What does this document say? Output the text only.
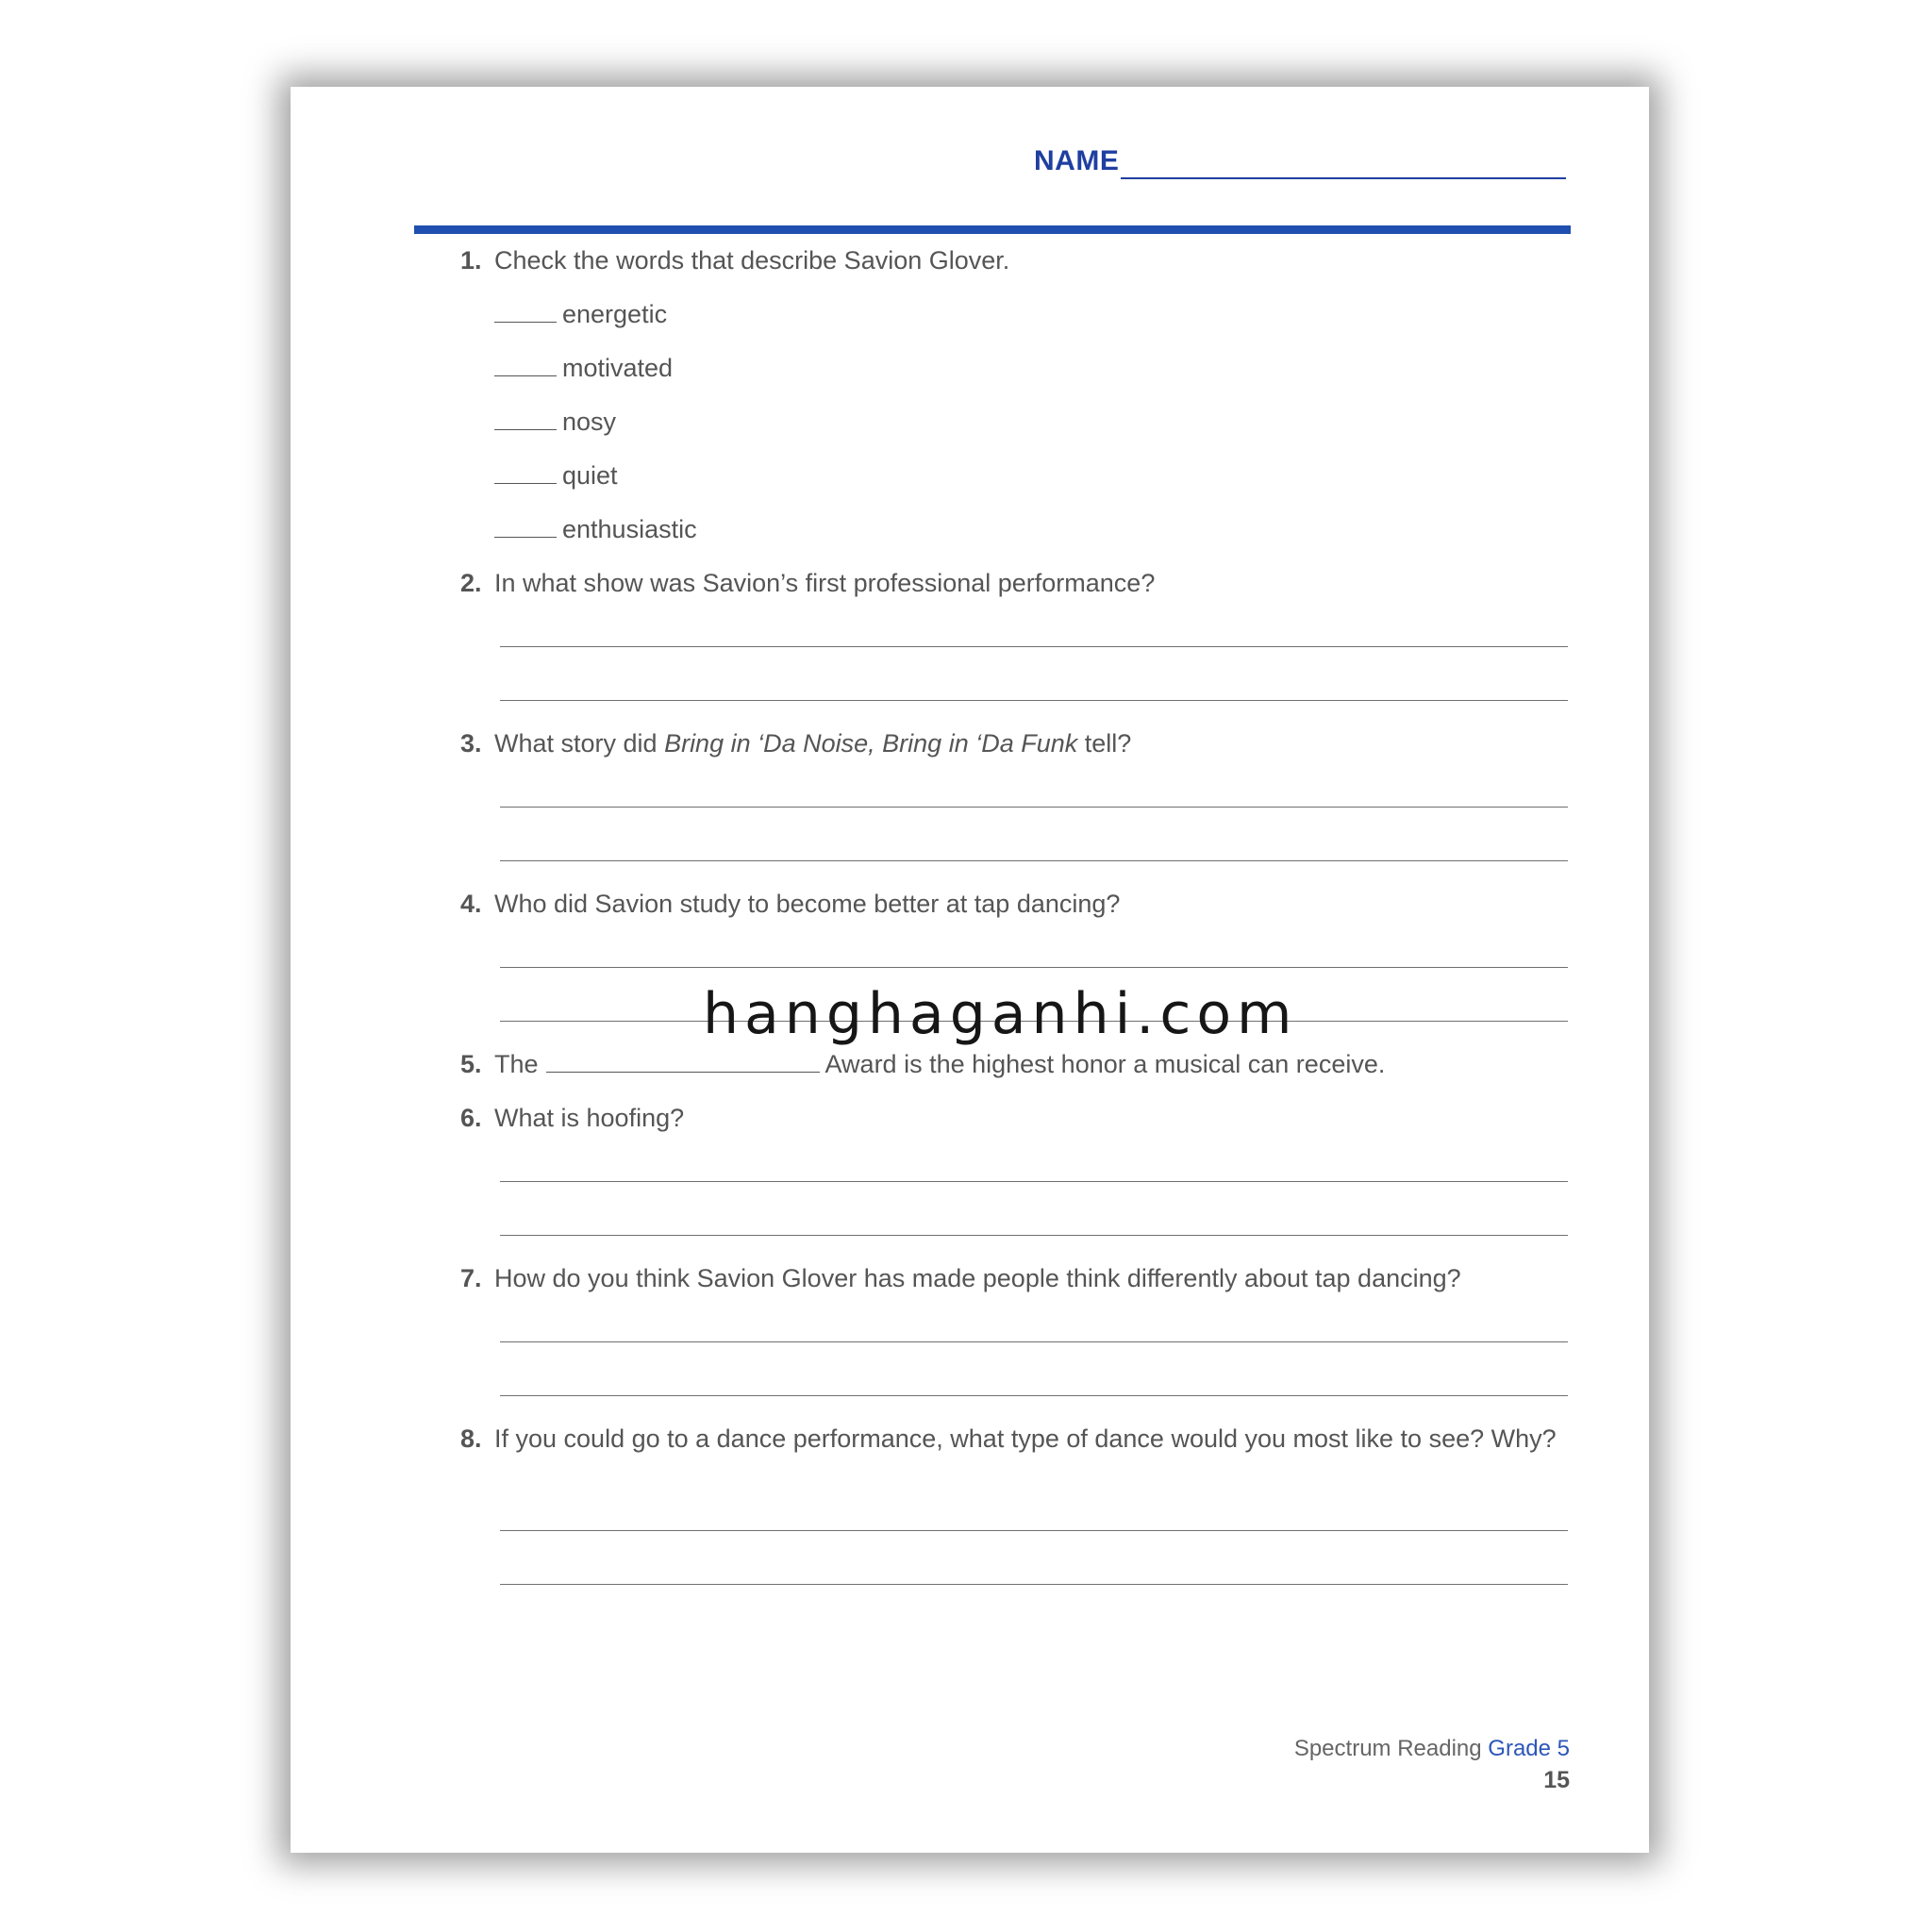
NAME
1. Check the words that describe Savion Glover.
energetic
motivated
nosy
quiet
enthusiastic
2. In what show was Savion’s first professional performance?
3. What story did Bring in ‘Da Noise, Bring in ‘Da Funk tell?
4. Who did Savion study to become better at tap dancing?
5. The	Award is the highest honor a musical can receive.
6. What is hoofing?
7. How do you think Savion Glover has made people think differently about tap dancing?
8. If you could go to a dance performance, what type of dance would you most like to see? Why?
Spectrum Reading Grade 5
15
hanghaganhi.com
